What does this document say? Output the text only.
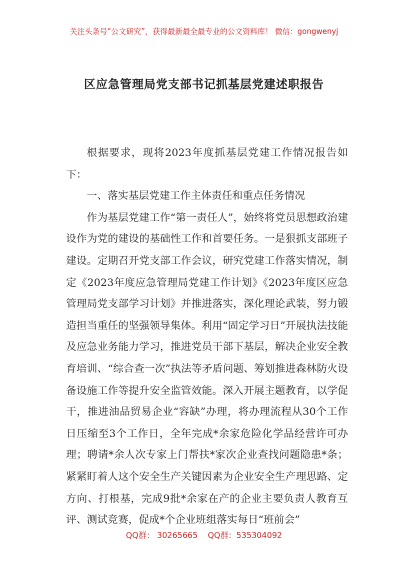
关注头条号“公文研究”，获得最新最全最专业的公文资料库！ 微信：gongwenyj
区应急管理局党支部书记抓基层党建述职报告

根据要求，现将2023年度抓基层党建工作情况报告如下：

一、落实基层党建工作主体责任和重点任务情况

作为基层党建工作“第一责任人”，始终将党员思想政治建设作为党的建设的基础性工作和首要任务。一是狠抓支部班子建设。定期召开党支部工作会议，研究党建工作落实情况，制定《2023年度应急管理局党建工作计划》《2023年度区应急管理局党支部学习计划》并推进落实，深化理论武装，努力锻造担当重任的坚强领导集体。利用“固定学习日”开展执法技能及应急业务能力学习，推进党员干部下基层，解决企业安全教育培训、“综合查一次”执法等矛盾问题、筹划推进森林防火设备设施工作等提升安全监管效能。深入开展主题教育，以学促干，推进油品贸易企业“容缺”办理，将办理流程从30个工作日压缩至3个工作日，全年完成*余家危险化学品经营许可办理；聘请*余人次专家上门帮扶*家次企业查找问题隐患*条；紧紧盯着人这个安全生产关键因素为企业安全生产理思路、定方向、打根基，完成9批*余家在产的企业主要负责人教育互评、测试竞赛，促成*个企业班组落实每日“班前会”

QQ群： 30265665 QQ群：535304092
